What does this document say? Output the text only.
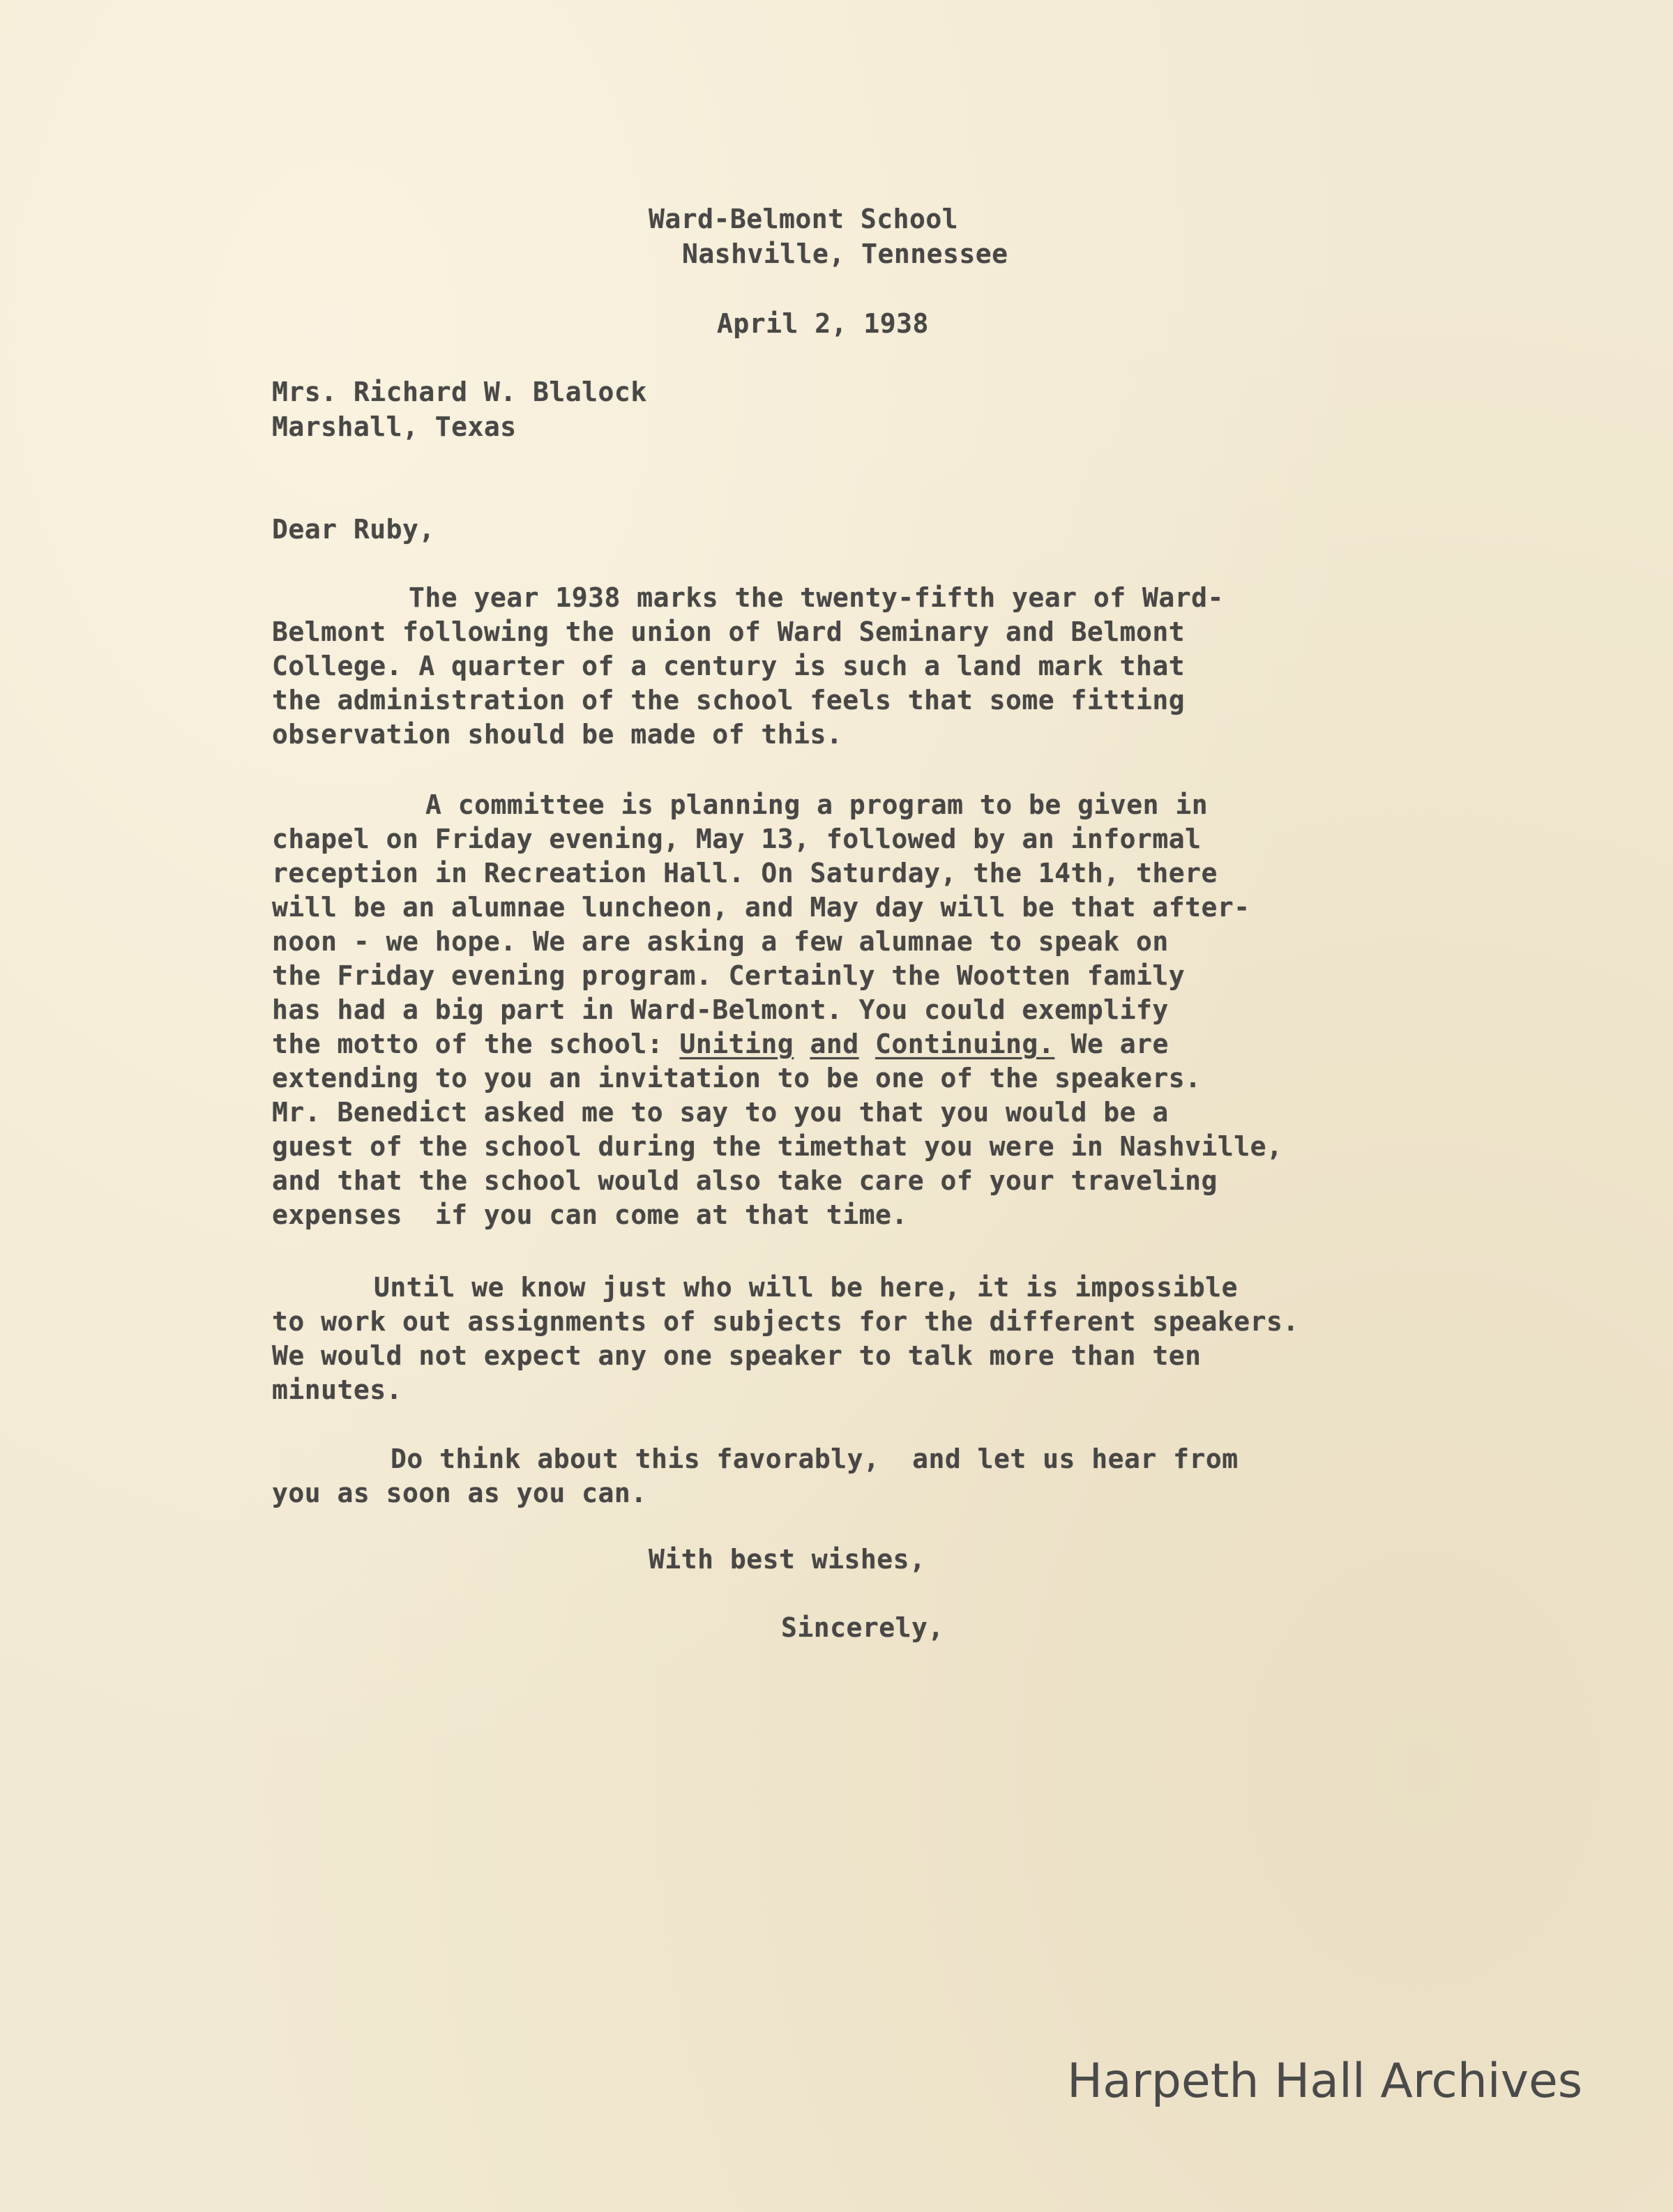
Ward-Belmont School
Nashville, Tennessee
April 2, 1938
Mrs. Richard W. Blalock
Marshall, Texas
Dear Ruby,
The year 1938 marks the twenty-fifth year of Ward-
Belmont following the union of Ward Seminary and Belmont
College. A quarter of a century is such a land mark that
the administration of the school feels that some fitting
observation should be made of this.
A committee is planning a program to be given in
chapel on Friday evening, May 13, followed by an informal
reception in Recreation Hall. On Saturday, the 14th, there
will be an alumnae luncheon, and May day will be that after-
noon - we hope. We are asking a few alumnae to speak on
the Friday evening program. Certainly the Wootten family
has had a big part in Ward-Belmont. You could exemplify
the motto of the school: Uniting and Continuing. We are
extending to you an invitation to be one of the speakers.
Mr. Benedict asked me to say to you that you would be a
guest of the school during the timethat you were in Nashville,
and that the school would also take care of your traveling
expenses  if you can come at that time.
Until we know just who will be here, it is impossible
to work out assignments of subjects for the different speakers.
We would not expect any one speaker to talk more than ten
minutes.
Do think about this favorably,  and let us hear from
you as soon as you can.
With best wishes,
Sincerely,
Harpeth Hall Archives
